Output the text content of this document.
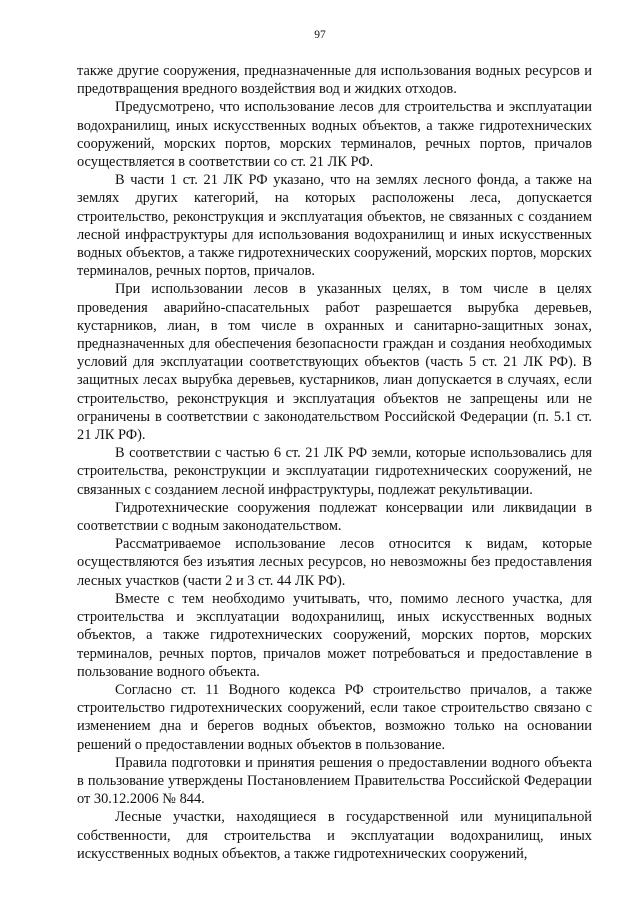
97

также другие сооружения, предназначенные для использования водных ресурсов и предотвращения вредного воздействия вод и жидких отходов.

Предусмотрено, что использование лесов для строительства и эксплуатации водохранилищ, иных искусственных водных объектов, а также гидротехнических сооружений, морских портов, морских терминалов, речных портов, причалов осуществляется в соответствии со ст. 21 ЛК РФ.

В части 1 ст. 21 ЛК РФ указано, что на землях лесного фонда, а также на землях других категорий, на которых расположены леса, допускается строительство, реконструкция и эксплуатация объектов, не связанных с созданием лесной инфраструктуры для использования водохранилищ и иных искусственных водных объектов, а также гидротехнических сооружений, морских портов, морских терминалов, речных портов, причалов.

При использовании лесов в указанных целях, в том числе в целях проведения аварийно-спасательных работ разрешается вырубка деревьев, кустарников, лиан, в том числе в охранных и санитарно-защитных зонах, предназначенных для обеспечения безопасности граждан и создания необходимых условий для эксплуатации соответствующих объектов (часть 5 ст. 21 ЛК РФ). В защитных лесах вырубка деревьев, кустарников, лиан допускается в случаях, если строительство, реконструкция и эксплуатация объектов не запрещены или не ограничены в соответствии с законодательством Российской Федерации (п. 5.1 ст. 21 ЛК РФ).

В соответствии с частью 6 ст. 21 ЛК РФ земли, которые использовались для строительства, реконструкции и эксплуатации гидротехнических сооружений, не связанных с созданием лесной инфраструктуры, подлежат рекультивации.

Гидротехнические сооружения подлежат консервации или ликвидации в соответствии с водным законодательством.

Рассматриваемое использование лесов относится к видам, которые осуществляются без изъятия лесных ресурсов, но невозможны без предоставления лесных участков (части 2 и 3 ст. 44 ЛК РФ).

Вместе с тем необходимо учитывать, что, помимо лесного участка, для строительства и эксплуатации водохранилищ, иных искусственных водных объектов, а также гидротехнических сооружений, морских портов, морских терминалов, речных портов, причалов может потребоваться и предоставление в пользование водного объекта.

Согласно ст. 11 Водного кодекса РФ строительство причалов, а также строительство гидротехнических сооружений, если такое строительство связано с изменением дна и берегов водных объектов, возможно только на основании решений о предоставлении водных объектов в пользование.

Правила подготовки и принятия решения о предоставлении водного объекта в пользование утверждены Постановлением Правительства Российской Федерации от 30.12.2006 № 844.

Лесные участки, находящиеся в государственной или муниципальной собственности, для строительства и эксплуатации водохранилищ, иных искусственных водных объектов, а также гидротехнических сооружений,
